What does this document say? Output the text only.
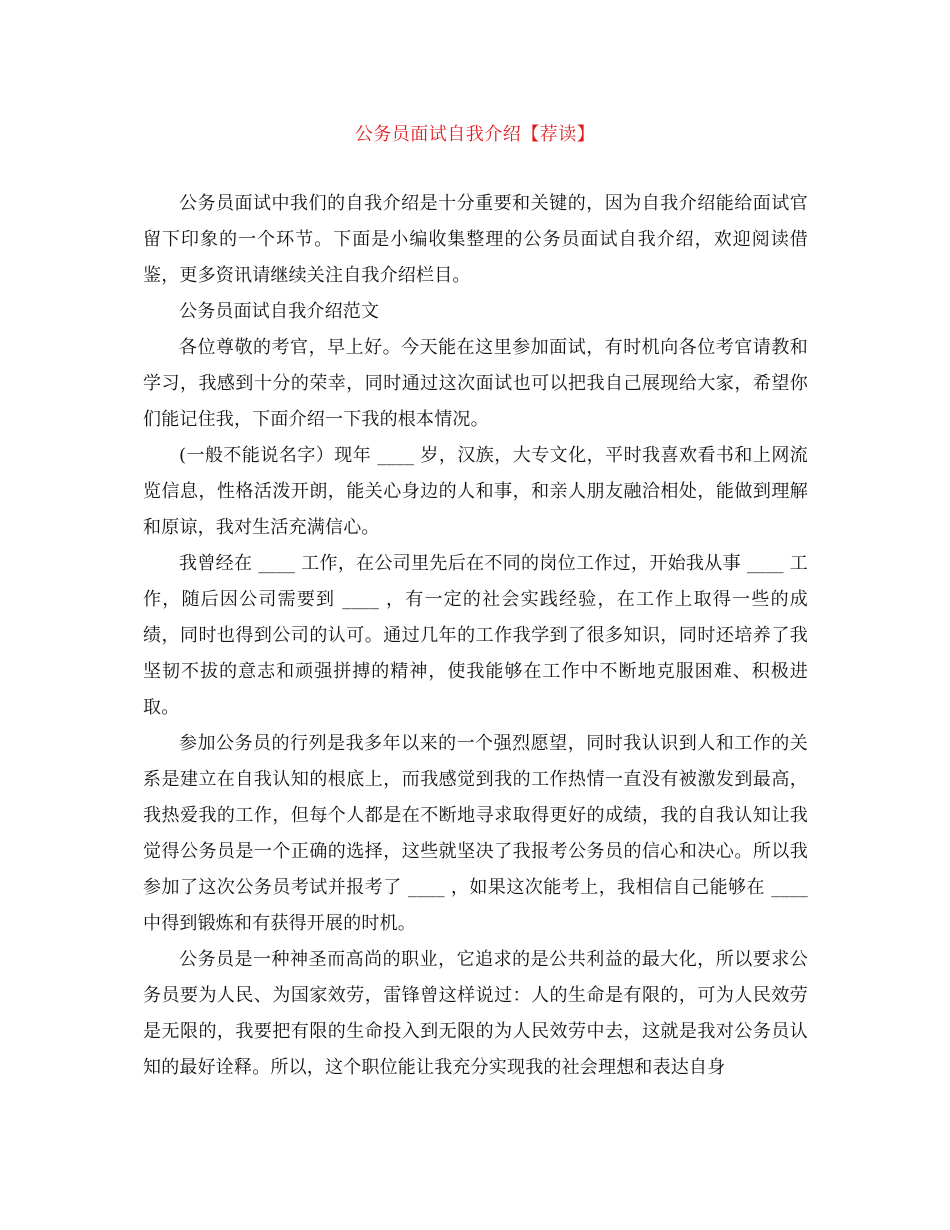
公务员面试自我介绍【荐读】

公务员面试中我们的自我介绍是十分重要和关键的，因为自我介绍能给面试官留下印象的一个环节。下面是小编收集整理的公务员面试自我介绍，欢迎阅读借鉴，更多资讯请继续关注自我介绍栏目。

公务员面试自我介绍范文

各位尊敬的考官，早上好。今天能在这里参加面试，有时机向各位考官请教和学习，我感到十分的荣幸，同时通过这次面试也可以把我自己展现给大家，希望你们能记住我，下面介绍一下我的根本情况。

(一般不能说名字）现年 ____ 岁，汉族，大专文化，平时我喜欢看书和上网流览信息，性格活泼开朗，能关心身边的人和事，和亲人朋友融洽相处，能做到理解和原谅，我对生活充满信心。

我曾经在 ____ 工作，在公司里先后在不同的岗位工作过，开始我从事 ____ 工作，随后因公司需要到 ____ ，有一定的社会实践经验，在工作上取得一些的成绩，同时也得到公司的认可。通过几年的工作我学到了很多知识，同时还培养了我坚韧不拔的意志和顽强拼搏的精神，使我能够在工作中不断地克服困难、积极进取。

参加公务员的行列是我多年以来的一个强烈愿望，同时我认识到人和工作的关系是建立在自我认知的根底上，而我感觉到我的工作热情一直没有被激发到最高，我热爱我的工作，但每个人都是在不断地寻求取得更好的成绩，我的自我认知让我觉得公务员是一个正确的选择，这些就坚决了我报考公务员的信心和决心。所以我参加了这次公务员考试并报考了 ____ ，如果这次能考上，我相信自己能够在 ____ 中得到锻炼和有获得开展的时机。

公务员是一种神圣而高尚的职业，它追求的是公共利益的最大化，所以要求公务员要为人民、为国家效劳，雷锋曾这样说过：人的生命是有限的，可为人民效劳是无限的，我要把有限的生命投入到无限的为人民效劳中去，这就是我对公务员认知的最好诠释。所以，这个职位能让我充分实现我的社会理想和表达自身
